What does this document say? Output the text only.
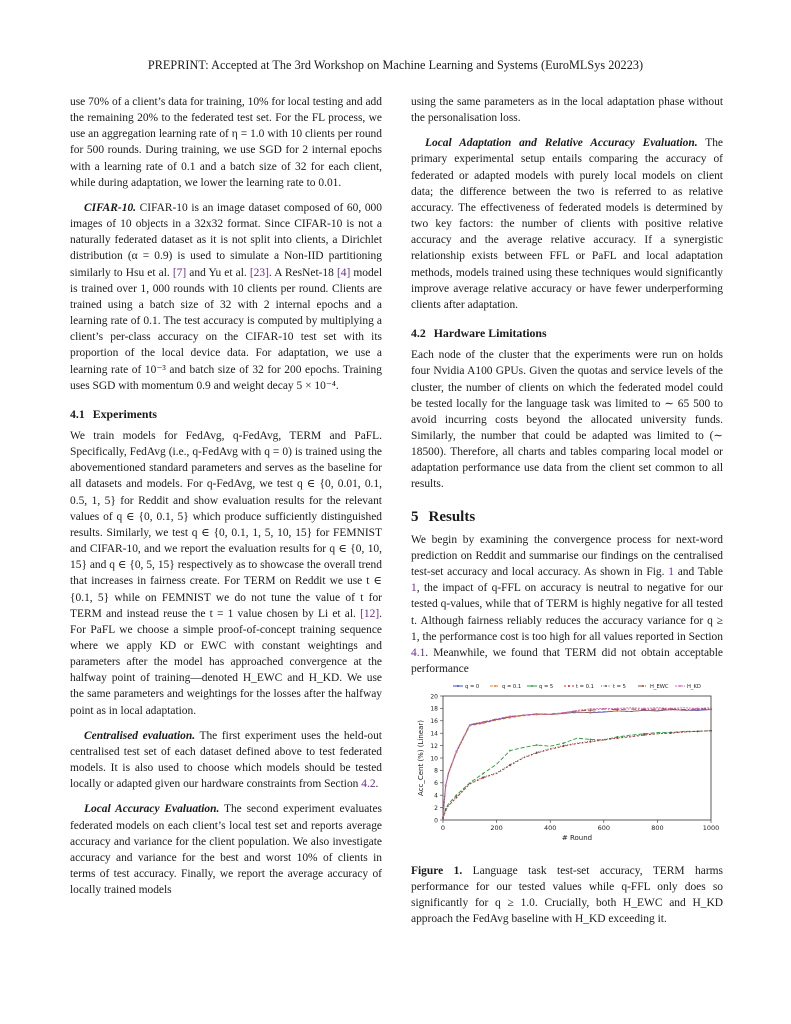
PREPRINT: Accepted at The 3rd Workshop on Machine Learning and Systems (EuroMLSys 20223)

use 70% of a client’s data for training, 10% for local testing and add the remaining 20% to the federated test set. For the FL process, we use an aggregation learning rate of η = 1.0 with 10 clients per round for 500 rounds. During training, we use SGD for 2 internal epochs with a learning rate of 0.1 and a batch size of 32 for each client, while during adaptation, we lower the learning rate to 0.01.

CIFAR-10. CIFAR-10 is an image dataset composed of 60, 000 images of 10 objects in a 32x32 format. Since CIFAR-10 is not a naturally federated dataset as it is not split into clients, a Dirichlet distribution (α = 0.9) is used to simulate a Non-IID partitioning similarly to Hsu et al. [7] and Yu et al. [23]. A ResNet-18 [4] model is trained over 1, 000 rounds with 10 clients per round. Clients are trained using a batch size of 32 with 2 internal epochs and a learning rate of 0.1. The test accuracy is computed by multiplying a client’s per-class accuracy on the CIFAR-10 test set with its proportion of the local device data. For adaptation, we use a learning rate of 10⁻³ and batch size of 32 for 200 epochs. Training uses SGD with momentum 0.9 and weight decay 5 × 10⁻⁴.

4.1 Experiments

We train models for FedAvg, q-FedAvg, TERM and PaFL. Specifically, FedAvg (i.e., q-FedAvg with q = 0) is trained using the abovementioned standard parameters and serves as the baseline for all datasets and models. For q-FedAvg, we test q ∈ {0, 0.01, 0.1, 0.5, 1, 5} for Reddit and show evaluation results for the relevant values of q ∈ {0, 0.1, 5} which produce sufficiently distinguished results. Similarly, we test q ∈ {0, 0.1, 1, 5, 10, 15} for FEMNIST and CIFAR-10, and we report the evaluation results for q ∈ {0, 10, 15} and q ∈ {0, 5, 15} respectively as to showcase the overall trend that increases in fairness create. For TERM on Reddit we use t ∈ {0.1, 5} while on FEMNIST we do not tune the value of t for TERM and instead reuse the t = 1 value chosen by Li et al. [12]. For PaFL we choose a simple proof-of-concept training sequence where we apply KD or EWC with constant weightings and parameters after the model has approached convergence at the halfway point of training—denoted H_EWC and H_KD. We use the same parameters and weightings for the losses after the halfway point as in local adaptation.

Centralised evaluation. The first experiment uses the held-out centralised test set of each dataset defined above to test federated models. It is also used to choose which models should be tested locally or adapted given our hardware constraints from Section 4.2.

Local Accuracy Evaluation. The second experiment evaluates federated models on each client’s local test set and reports average accuracy and variance for the client population. We also investigate accuracy and variance for the best and worst 10% of clients in terms of test accuracy. Finally, we report the average accuracy of locally trained models

using the same parameters as in the local adaptation phase without the personalisation loss.

Local Adaptation and Relative Accuracy Evaluation. The primary experimental setup entails comparing the accuracy of federated or adapted models with purely local models on client data; the difference between the two is referred to as relative accuracy. The effectiveness of federated models is determined by two key factors: the number of clients with positive relative accuracy and the average relative accuracy. If a synergistic relationship exists between FFL or PaFL and local adaptation methods, models trained using these techniques would significantly improve average relative accuracy or have fewer underperforming clients after adaptation.

4.2 Hardware Limitations

Each node of the cluster that the experiments were run on holds four Nvidia A100 GPUs. Given the quotas and service levels of the cluster, the number of clients on which the federated model could be tested locally for the language task was limited to ∼ 65 500 to avoid incurring costs beyond the allocated university funds. Similarly, the number that could be adapted was limited to (∼ 18500). Therefore, all charts and tables comparing local model or adaptation performance use data from the client set common to all results.

5 Results

We begin by examining the convergence process for next-word prediction on Reddit and summarise our findings on the centralised test-set accuracy and local accuracy. As shown in Fig. 1 and Table 1, the impact of q-FFL on accuracy is neutral to negative for our tested q-values, while that of TERM is highly negative for all tested t. Although fairness reliably reduces the accuracy variance for q ≥ 1, the performance cost is too high for all values reported in Section 4.1. Meanwhile, we found that TERM did not obtain acceptable performance

0
2
4
6
8
10
12
14
16
18
20
0	200	400	600	800	1000
# Round
Acc_Cent (%) (Linear)
q = 0	q = 0.1	q = 5	t = 0.1	t = 5	H_EWC	H_KD
Figure 1. Language task test-set accuracy, TERM harms performance for our tested values while q-FFL only does so significantly for q ≥ 1.0. Crucially, both H_EWC and H_KD approach the FedAvg baseline with H_KD exceeding it.
